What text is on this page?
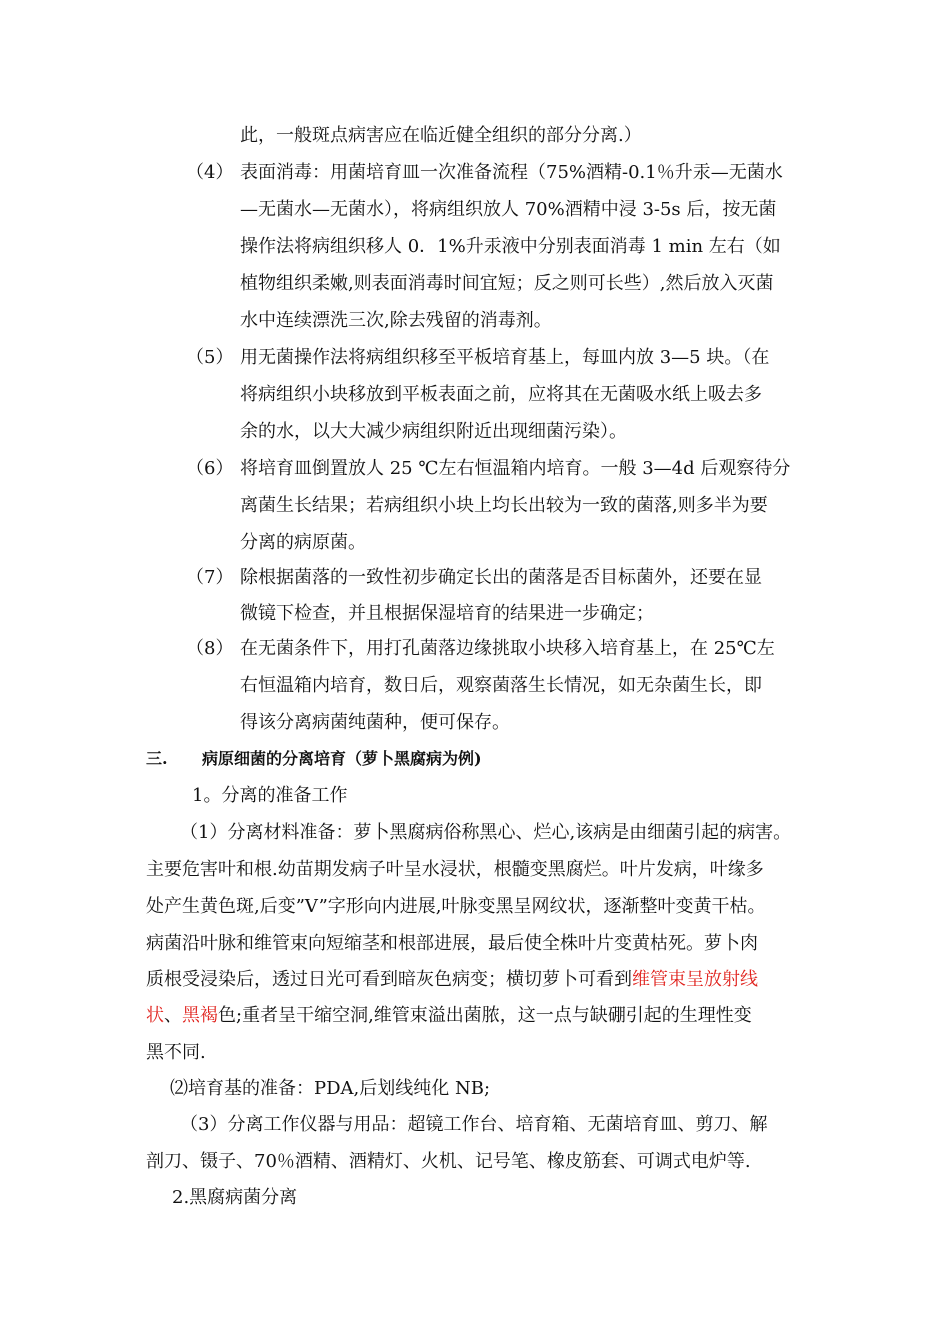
此，一般斑点病害应在临近健全组织的部分分离.）
（4） 表面消毒：用菌培育皿一次准备流程（75%酒精-0.1％升汞—无菌水
—无菌水—无菌水），将病组织放人 70%酒精中浸 3-5s 后，按无菌
操作法将病组织移人 0．1%升汞液中分别表面消毒 1 min 左右（如
植物组织柔嫩,则表面消毒时间宜短；反之则可长些）,然后放入灭菌
水中连续漂洗三次,除去残留的消毒剂。
（5） 用无菌操作法将病组织移至平板培育基上，每皿内放 3—5 块。（在
将病组织小块移放到平板表面之前，应将其在无菌吸水纸上吸去多
余的水，以大大减少病组织附近出现细菌污染）。
（6） 将培育皿倒置放人 25 ℃左右恒温箱内培育。一般 3—4d 后观察待分
离菌生长结果；若病组织小块上均长出较为一致的菌落,则多半为要
分离的病原菌。
（7） 除根据菌落的一致性初步确定长出的菌落是否目标菌外，还要在显
微镜下检查，并且根据保湿培育的结果进一步确定；
（8） 在无菌条件下，用打孔菌落边缘挑取小块移入培育基上，在 25℃左
右恒温箱内培育，数日后，观察菌落生长情况，如无杂菌生长，即
得该分离病菌纯菌种，便可保存。
三. 病原细菌的分离培育（萝卜黑腐病为例)
1。分离的准备工作
（1）分离材料准备：萝卜黑腐病俗称黑心、烂心,该病是由细菌引起的病害。
主要危害叶和根.幼苗期发病子叶呈水浸状，根髓变黑腐烂。叶片发病，叶缘多
处产生黄色斑,后变”V”字形向内进展,叶脉变黑呈网纹状，逐渐整叶变黄干枯。
病菌沿叶脉和维管束向短缩茎和根部进展，最后使全株叶片变黄枯死。萝卜肉
质根受浸染后，透过日光可看到暗灰色病变；横切萝卜可看到维管束呈放射线
状、黑褐色;重者呈干缩空洞,维管束溢出菌脓，这一点与缺硼引起的生理性变
黑不同.
⑵培育基的准备：PDA,后划线纯化 NB;
（3）分离工作仪器与用品：超镜工作台、培育箱、无菌培育皿、剪刀、解
剖刀、镊子、70％酒精、酒精灯、火机、记号笔、橡皮筋套、可调式电炉等.
2.黑腐病菌分离
